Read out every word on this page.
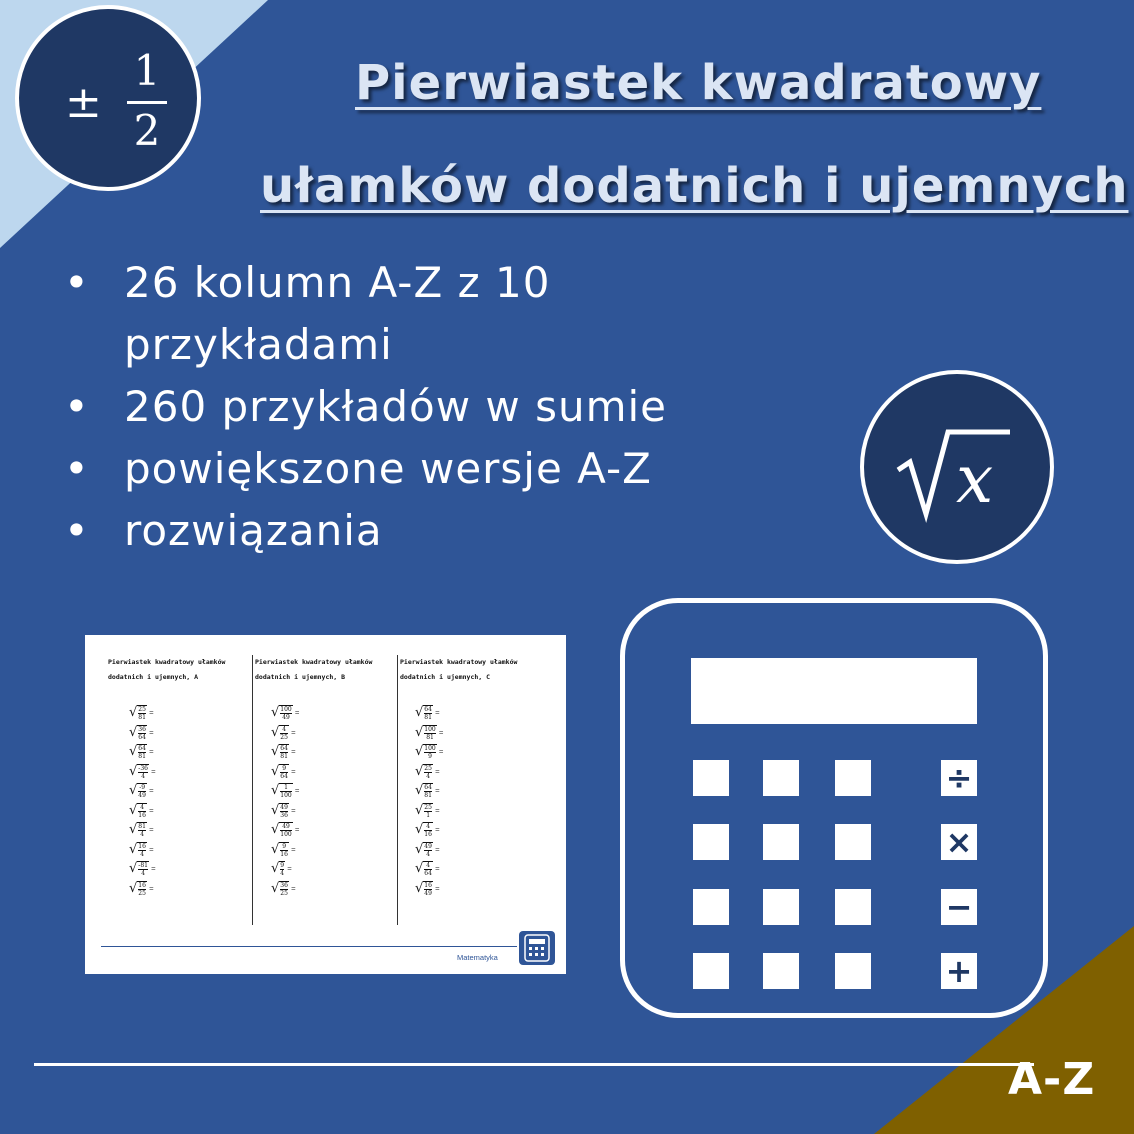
±
1
2
Pierwiastek kwadratowy
ułamków dodatnich i ujemnych
• 26 kolumn A-Z z 10 przykładami
• 260 przykładów w sumie
• powiększone wersje A-Z
• rozwiązania
x
÷
×
−
+
Pierwiastek kwadratowy ułamków
dodatnich i ujemnych, A
Pierwiastek kwadratowy ułamków
dodatnich i ujemnych, B
Pierwiastek kwadratowy ułamków
dodatnich i ujemnych, C
Matematyka
√ $\frac{25}{81}$ =
√ $\frac{36}{64}$ =
√ $\frac{64}{81}$ =
√ $\frac{-36}{4}$ =
√ $\frac{-9}{49}$ =
√ $\frac{4}{16}$ =
√ $\frac{81}{4}$ =
√ $\frac{16}{4}$ =
√ $\frac{-81}{4}$ =
√ $\frac{16}{25}$ =
√ $\frac{100}{49}$ =
√ $\frac{4}{25}$ =
√ $\frac{64}{81}$ =
√ $\frac{9}{64}$ =
√ $\frac{1}{100}$ =
√ $\frac{49}{36}$ =
√ $\frac{49}{100}$ =
√ $\frac{9}{16}$ =
√ $\frac{9}{4}$ =
√ $\frac{36}{25}$ =
√ $\frac{64}{81}$ =
√ $\frac{100}{81}$ =
√ $\frac{100}{9}$ =
√ $\frac{25}{4}$ =
√ $\frac{64}{81}$ =
√ $\frac{25}{1}$ =
√ $\frac{4}{16}$ =
√ $\frac{49}{4}$ =
√ $\frac{4}{64}$ =
√ $\frac{16}{49}$ =
A-Z
